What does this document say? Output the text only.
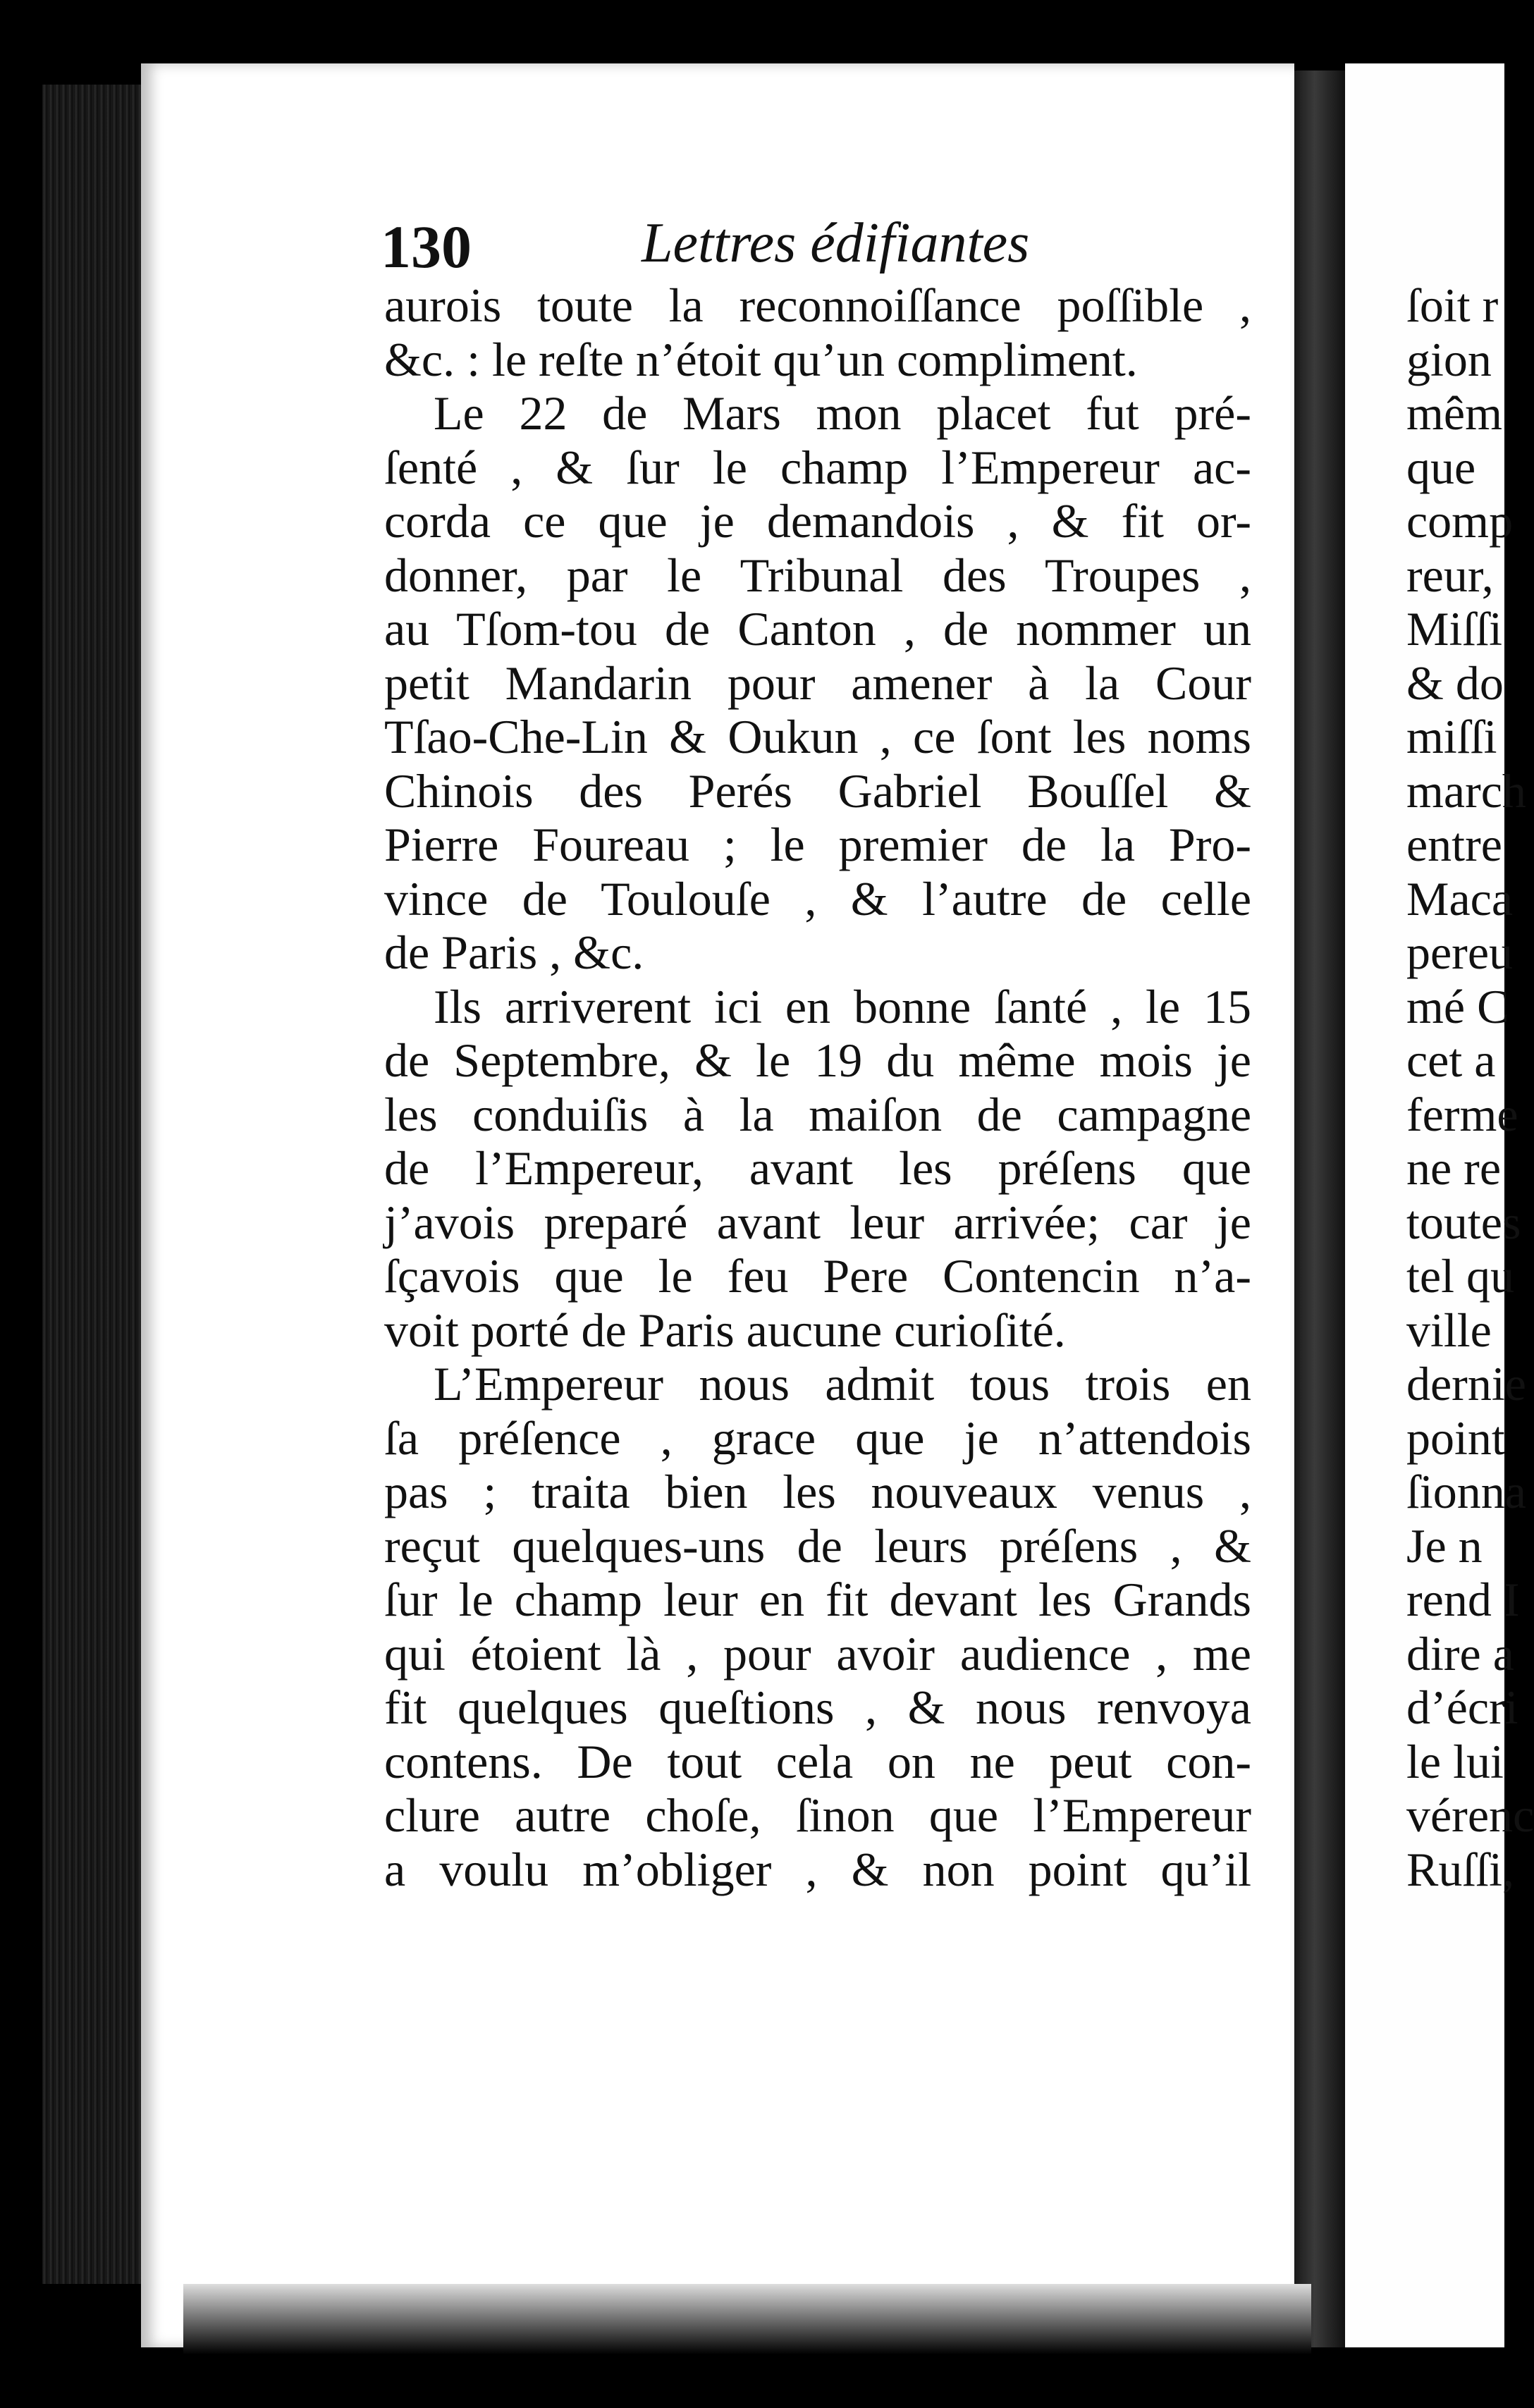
130	Lettres édifiantes
aurois toute la reconnoiſſance poſſible ,
&c. : le reſte n’étoit qu’un compliment.
Le 22 de Mars mon placet fut pré-
ſenté , & ſur le champ l’Empereur ac-
corda ce que je demandois , & fit or-
donner, par le Tribunal des Troupes ,
au Tſom-tou de Canton , de nommer un
petit Mandarin pour amener à la Cour
Tſao-Che-Lin & Oukun , ce ſont les noms
Chinois des Perés Gabriel Bouſſel &
Pierre Foureau ; le premier de la Pro-
vince de Toulouſe , & l’autre de celle
de Paris , &c.
Ils arriverent ici en bonne ſanté , le 15
de Septembre, & le 19 du même mois je
les conduiſis à la maiſon de campagne
de l’Empereur, avant les préſens que
j’avois preparé avant leur arrivée; car je
ſçavois que le feu Pere Contencin n’a-
voit porté de Paris aucune curioſité.
L’Empereur nous admit tous trois en
ſa préſence , grace que je n’attendois
pas ; traita bien les nouveaux venus ,
reçut quelques-uns de leurs préſens , &
ſur le champ leur en fit devant les Grands
qui étoient là , pour avoir audience , me
fit quelques queſtions , & nous renvoya
contens. De tout cela on ne peut con-
clure autre choſe, ſinon que l’Empereur
a voulu m’obliger , & non point qu’il
ſoit r
gion
mêm
que
comp
reur,
Miſſi
& do
miſſi
march
entre
Maca
pereu
mé C
cet a
ferme
ne re
toutes
tel qu
ville
dernie
point
ſionna
Je n
rend I
dire a
d’écri
le lui
vérenc
Ruſſi,
